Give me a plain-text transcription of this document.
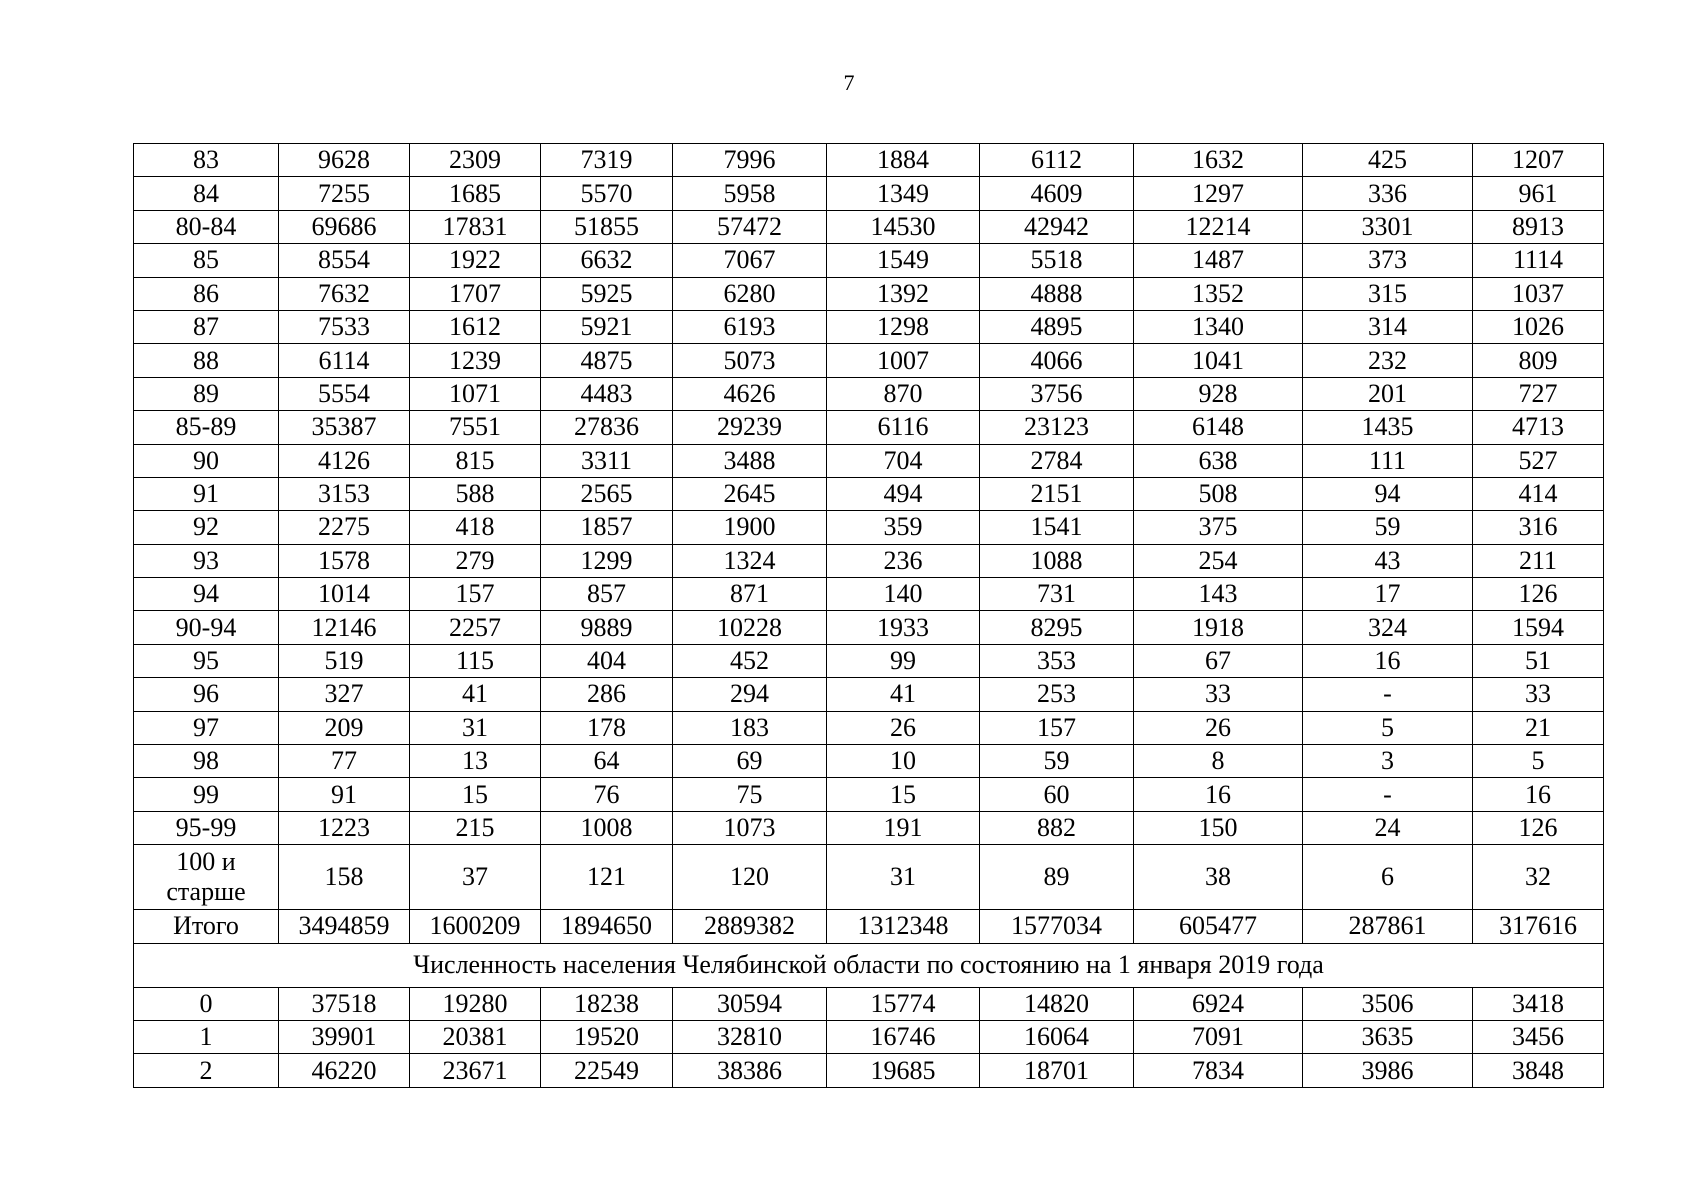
7
83	9628	2309	7319	7996	1884	6112	1632	425	1207
84	7255	1685	5570	5958	1349	4609	1297	336	961
80-84	69686	17831	51855	57472	14530	42942	12214	3301	8913
85	8554	1922	6632	7067	1549	5518	1487	373	1114
86	7632	1707	5925	6280	1392	4888	1352	315	1037
87	7533	1612	5921	6193	1298	4895	1340	314	1026
88	6114	1239	4875	5073	1007	4066	1041	232	809
89	5554	1071	4483	4626	870	3756	928	201	727
85-89	35387	7551	27836	29239	6116	23123	6148	1435	4713
90	4126	815	3311	3488	704	2784	638	111	527
91	3153	588	2565	2645	494	2151	508	94	414
92	2275	418	1857	1900	359	1541	375	59	316
93	1578	279	1299	1324	236	1088	254	43	211
94	1014	157	857	871	140	731	143	17	126
90-94	12146	2257	9889	10228	1933	8295	1918	324	1594
95	519	115	404	452	99	353	67	16	51
96	327	41	286	294	41	253	33	-	33
97	209	31	178	183	26	157	26	5	21
98	77	13	64	69	10	59	8	3	5
99	91	15	76	75	15	60	16	-	16
95-99	1223	215	1008	1073	191	882	150	24	126
100 и старше	158	37	121	120	31	89	38	6	32
Итого	3494859	1600209	1894650	2889382	1312348	1577034	605477	287861	317616
Численность населения Челябинской области по состоянию на 1 января 2019 года									
0	37518	19280	18238	30594	15774	14820	6924	3506	3418
1	39901	20381	19520	32810	16746	16064	7091	3635	3456
2	46220	23671	22549	38386	19685	18701	7834	3986	3848
